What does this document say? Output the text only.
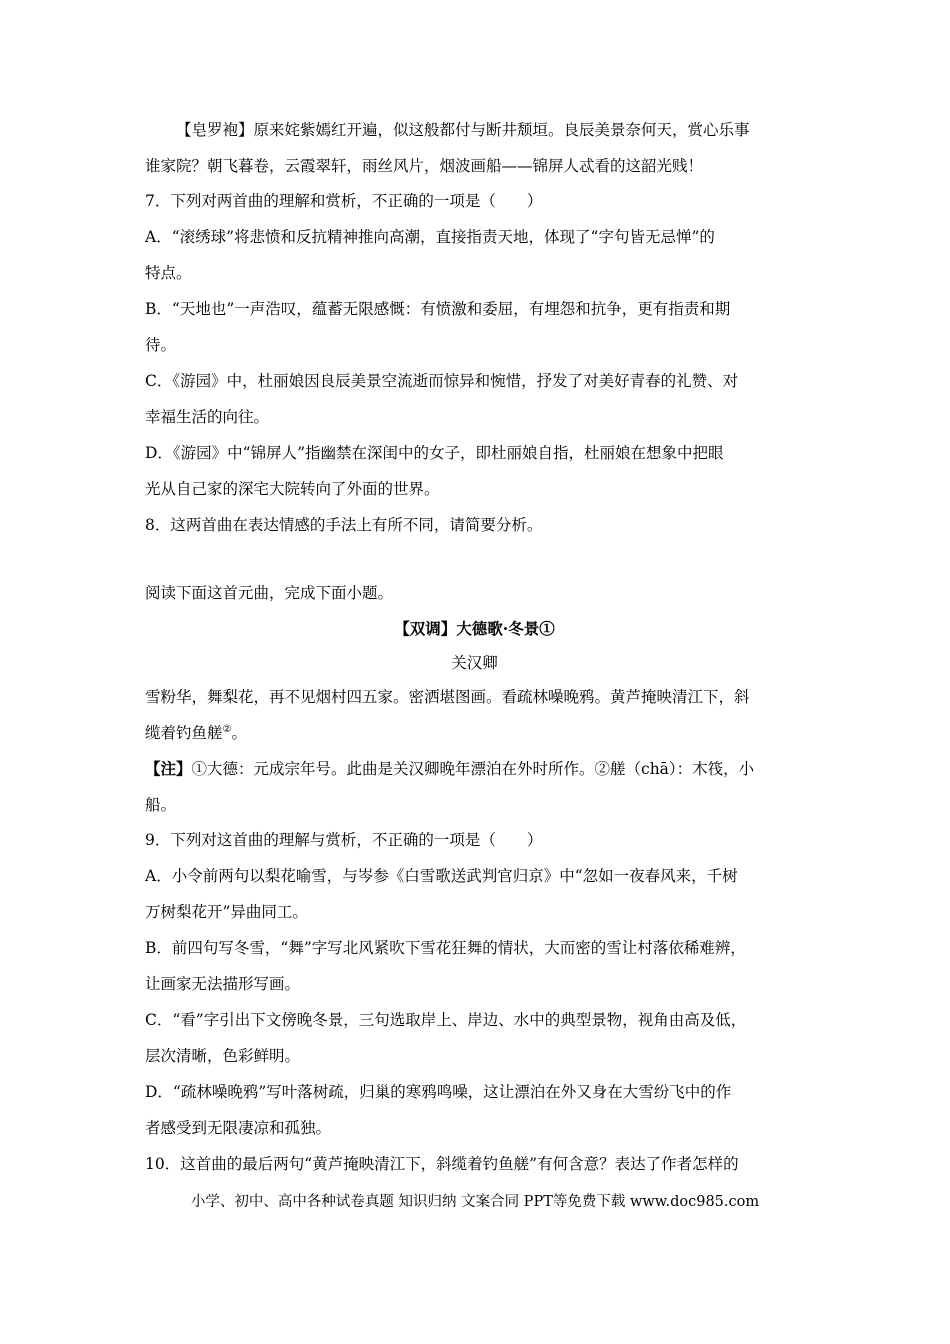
【皂罗袍】原来姹紫嫣红开遍，似这般都付与断井颓垣。良辰美景奈何天，赏心乐事
谁家院？朝飞暮卷，云霞翠轩，雨丝风片，烟波画船——锦屏人忒看的这韶光贱！
7．下列对两首曲的理解和赏析，不正确的一项是（　　）
A．“滚绣球”将悲愤和反抗精神推向高潮，直接指责天地，体现了“字句皆无忌惮”的
特点。
B．“天地也”一声浩叹，蕴蓄无限感慨：有愤激和委屈，有埋怨和抗争，更有指责和期
待。
C．《游园》中，杜丽娘因良辰美景空流逝而惊异和惋惜，抒发了对美好青春的礼赞、对
幸福生活的向往。
D．《游园》中“锦屏人”指幽禁在深闺中的女子，即杜丽娘自指，杜丽娘在想象中把眼
光从自己家的深宅大院转向了外面的世界。
8．这两首曲在表达情感的手法上有所不同，请简要分析。
阅读下面这首元曲，完成下面小题。
【双调】大德歌·冬景①
关汉卿
雪粉华，舞梨花，再不见烟村四五家。密洒堪图画。看疏林噪晚鸦。黄芦掩映清江下，斜
缆着钓鱼艖②。
【注】①大德：元成宗年号。此曲是关汉卿晚年漂泊在外时所作。②艖（chā）：木筏，小
船。
9．下列对这首曲的理解与赏析，不正确的一项是（　　）
A．小令前两句以梨花喻雪，与岑参《白雪歌送武判官归京》中“忽如一夜春风来，千树
万树梨花开”异曲同工。
B．前四句写冬雪，“舞”字写北风紧吹下雪花狂舞的情状，大而密的雪让村落依稀难辨，
让画家无法描形写画。
C．“看”字引出下文傍晚冬景，三句选取岸上、岸边、水中的典型景物，视角由高及低，
层次清晰，色彩鲜明。
D．“疏林噪晚鸦”写叶落树疏，归巢的寒鸦鸣噪，这让漂泊在外又身在大雪纷飞中的作
者感受到无限凄凉和孤独。
10．这首曲的最后两句“黄芦掩映清江下，斜缆着钓鱼艖”有何含意？表达了作者怎样的
小学、初中、高中各种试卷真题 知识归纳 文案合同 PPT等免费下载 www.doc985.com
